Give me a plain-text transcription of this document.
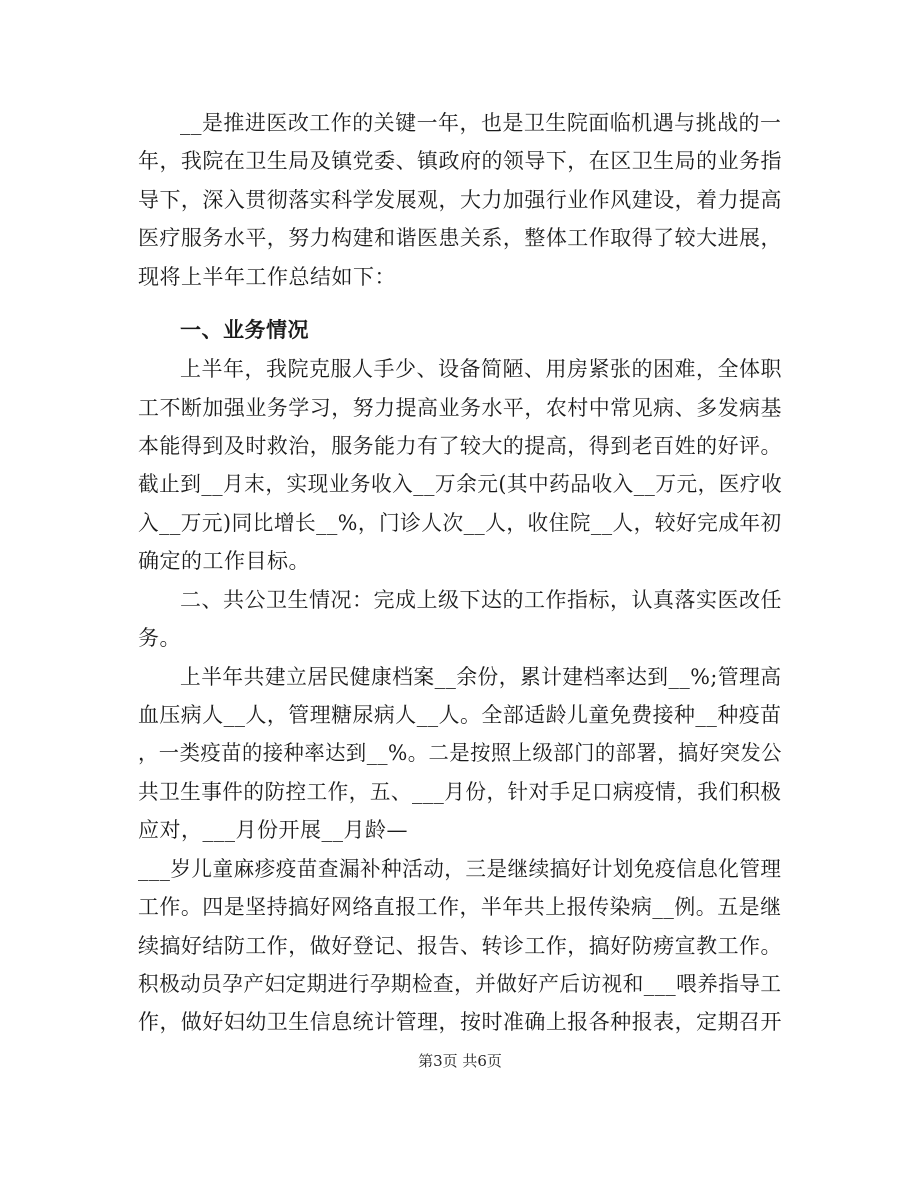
__是推进医改工作的关键一年，也是卫生院面临机遇与挑战的一
年，我院在卫生局及镇党委、镇政府的领导下，在区卫生局的业务指
导下，深入贯彻落实科学发展观，大力加强行业作风建设，着力提高
医疗服务水平，努力构建和谐医患关系，整体工作取得了较大进展，
现将上半年工作总结如下：
一、业务情况
上半年，我院克服人手少、设备简陋、用房紧张的困难，全体职
工不断加强业务学习，努力提高业务水平，农村中常见病、多发病基
本能得到及时救治，服务能力有了较大的提高，得到老百姓的好评。
截止到__月末，实现业务收入__万余元(其中药品收入__万元，医疗收
入__万元)同比增长__%，门诊人次__人，收住院__人，较好完成年初
确定的工作目标。
二、共公卫生情况：完成上级下达的工作指标，认真落实医改任
务。
上半年共建立居民健康档案__余份，累计建档率达到__%;管理高
血压病人__人，管理糖尿病人__人。全部适龄儿童免费接种__种疫苗
，一类疫苗的接种率达到__%。二是按照上级部门的部署，搞好突发公
共卫生事件的防控工作，五、___月份，针对手足口病疫情，我们积极
应对，___月份开展__月龄—
___岁儿童麻疹疫苗查漏补种活动，三是继续搞好计划免疫信息化管理
工作。四是坚持搞好网络直报工作，半年共上报传染病__例。五是继
续搞好结防工作，做好登记、报告、转诊工作，搞好防痨宣教工作。
积极动员孕产妇定期进行孕期检查，并做好产后访视和___喂养指导工
作，做好妇幼卫生信息统计管理，按时准确上报各种报表，定期召开
第3页 共6页
